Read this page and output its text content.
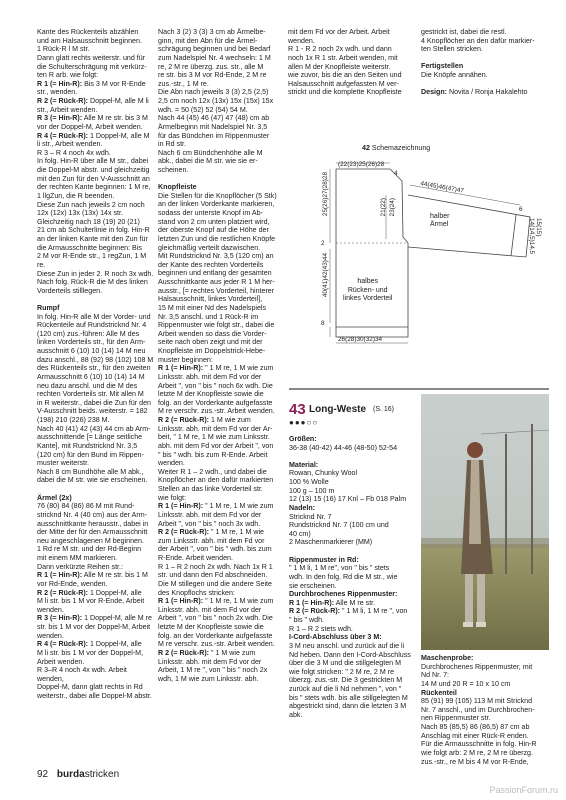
Kante des Rückenteils abzählen
und am Halsausschnitt beginnen.
1 Rück-R l M str.
Dann glatt rechts weiterstr. und für
die Schulterschrägung mit verkürz-
ten R arb. wie folgt:

R 1 (= Hin-R): Bis 3 M vor R-Ende
str., wenden.

R 2 (= Rück-R): Doppel-M, alle M li
str., Arbeit wenden.

R 3 (= Hin-R): Alle M re str. bis 3 M
vor der Doppel-M, Arbeit wenden.

R 4 (= Rück-R): 1 Doppel-M, alle M
li str., Arbeit wenden.

R 3 – R 4 noch 4x wdh.
In folg. Hin-R über alle M str., dabei
die Doppel-M abstr. und gleichzeitig
mit den Zun für den V-Ausschnitt an
der rechten Kante beginnen: 1 M re,
1 llgZun, die R beenden.
Diese Zun nach jeweils 2 cm noch
12x (12x) 13x (13x) 14x str.
Gleichzeitig nach 18 (19) 20 (21)
21 cm ab Schulterlinie in folg. Hin-R
an der linken Kante mit den Zun für
die Armausschnitte beginnen: Bis
2 M vor R-Ende str., 1 regZun, 1 M
re.
Diese Zun in jeder 2. R noch 3x wdh.
Nach folg. Rück-R die M des linken
Vorderteils stilllegen.

Rumpf

In folg. Hin-R alle M der Vorder- und
Rückenteile auf Rundstricknd Nr. 4
(120 cm) zus.-führen: Alle M des
linken Vorderteils str., für den Arm-
ausschnitt 6 (10) 10 (14) 14 M neu
dazu anschl., 88 (92) 98 (102) 108 M
des Rückenteils str., für den zweiten
Armausschnitt 6 (10) 10 (14) 14 M
neu dazu anschl. und die M des
rechten Vorderteils str. Mit allen M
in R weiterstr., dabei die Zun für den
V-Ausschnitt beids. weiterstr. = 182
(198) 210 (226) 238 M.
Nach 40 (41) 42 (43) 44 cm ab Arm-
ausschnittende [= Länge seitliche
Kante], mit Rundstricknd Nr. 3,5
(120 cm) für den Bund im Rippen-
muster weiterstr.
Nach 8 cm Bundhöhe alle M abk.,
dabei die M str. wie sie erscheinen.

Ärmel (2x)

76 (80) 84 (86) 86 M mit Rund-
stricknd Nr. 4 (40 cm) aus der Arm-
ausschnittkante herausstr., dabei in
der Mitte der für den Armausschnitt
neu angeschlagenen M beginnen.
1 Rd re M str. und der Rd-Beginn
mit einem MM markieren.
Dann verkürzte Reihen str.:

R 1 (= Hin-R): Alle M re str. bis 1 M
vor Rd-Ende, wenden.

R 2 (= Rück-R): 1 Doppel-M, alle
M li str. bis 1 M vor R-Ende, Arbeit
wenden.

R 3 (= Hin-R): 1 Doppel-M, alle M re
str. bis 1 M vor der Doppel-M, Arbeit
wenden.

R 4 (= Rück-R): 1 Doppel-M, alle
M li str. bis 1 M vor der Doppel-M,
Arbeit wenden.

R 3–R 4 noch 4x wdh. Arbeit wenden,
Doppel-M, dann glatt rechts in Rd
weiterstr., dabei alle Doppel-M abstr.

Nach 3 (2) 3 (3) 3 cm ab Ärmelbe-
ginn, mit den Abn für die Ärmel-
schrägung beginnen und bei Bedarf
zum Nadelspiel Nr. 4 wechseln: 1 M
re, 2 M re überzg. zus. str., alle M
re str. bis 3 M vor Rd-Ende, 2 M re
zus.-str., 1 M re.
Die Abn nach jeweils 3 (3) 2,5 (2,5)
2,5 cm noch 12x (13x) 15x (15x) 15x
wdh. = 50 (52) 52 (54) 54 M.
Nach 44 (45) 46 (47) 47 (48) cm ab
Ärmelbeginn mit Nadelspiel Nr. 3,5
für das Bündchen im Rippenmuster
in Rd str.
Nach 6 cm Bündchenhöhe alle M
abk., dabei die M str. wie sie er-
scheinen.

Knopfleiste

Die Stellen für die Knopflöcher (5 Stk)
an der linken Vorderkante markieren,
sodass der unterste Knopf im Ab-
stand von 2 cm unten platziert wird,
der oberste Knopf auf die Höhe der
letzten Zun und die restlichen Knöpfe
gleichmäßig verteilt dazwischen.
Mit Rundstricknd Nr. 3,5 (120 cm) an
der Kante des rechten Vorderteils
beginnen und entlang der gesamten
Ausschnittkante aus jeder R 1 M her-
ausstr., [= rechtes Vorderteil, hinterer
Halsausschnitt, linkes Vorderteil],
15 M mit einer Nd des Nadelspiels
Nr. 3,5 anschl. und 1 Rück-R im
Rippenmuster wie folgt str., dabei die
Arbeit wenden so dass die Vorder-
seite nach oben zeigt und mit der
Knopfleiste im Doppelstrick-Hebe-
muster beginnen:

R 1 (= Hin-R): " 1 M re, 1 M wie zum
Linksstr. abh. mit dem Fd vor der
Arbeit ", von " bis " noch 6x wdh. Die
letzte M der Knopfleiste sowie die
folg. an der Vorderkante aufgefasste
M re verschr. zus.-str. Arbeit wenden.

R 2 (= Rück-R): 1 M wie zum
Linksstr. abh. mit dem Fd vor der Ar-
beit, " 1 M re, 1 M wie zum Linksstr.
abh. mit dem Fd vor der Arbeit ", von
" bis " wdh. bis zum R-Ende. Arbeit
wenden.

Weiter R 1 – 2 wdh., und dabei die
Knopflöcher an den dafür markierten
Stellen an das linke Vorderteil str.
wie folgt:

R 1 (= Hin-R): " 1 M re, 1 M wie zum
Linksstr. abh. mit dem Fd vor der
Arbeit ", von " bis " noch 3x wdh.

R 2 (= Rück-R): " 1 M re, 1 M wie
zum Linksstr. abh. mit dem Fd vor
der Arbeit ", von " bis " wdh. bis zum
R-Ende. Arbeit wenden.

R 1 – R 2 noch 2x wdh. Nach 1x R 1
str. und dann den Fd abschneiden.
Die M stillegen und die andere Seite
des Knopflochs stricken:

R 1 (= Hin-R): " 1 M re, 1 M wie zum
Linksstr. abh. mit dem Fd vor der
Arbeit ", von " bis " noch 2x wdh. Die
letzte M der Knopfleiste sowie die
folg. an der Vorderkante aufgefasste
M re verschr. zus.-str. Arbeit wenden.

R 2 (= Rück-R): " 1 M wie zum
Linksstr. abh. mit dem Fd vor der
Arbeit, 1 M re ", von " bis " noch 2x
wdh, 1 M wie zum Linksstr. abh.

mit dem Fd vor der Arbeit. Arbeit
wenden.
R 1 - R 2 noch 2x wdh. und dann
noch 1x R 1 str. Arbeit wenden, mit
allen M der Knopfleiste weiterstr.
wie zuvor, bis die an den Seiten und
Halsausschnitt aufgefassten M ver-
strickt und die komplette Knopfleiste

gestrickt ist, dabei die restl.
4 Knopflöcher an den dafür markier-
ten Stellen stricken.

Fertigstellen

Die Knöpfe annähen.

Design: Novita / Ronja Hakalehto

42 Schemazeichnung
(22(23)25(26)28
4
25(26)27(28)28
2
21(22) 23(24)
40(41)42(43)44
8
26(28)30(32)34
44(45)46(47)47
6
14(14,5)14,5
15(15)
halber
Ärmel
halbes
Rücken- und
linkes Vorderteil
43 Long-Weste (S. 16)
●●●○○

Größen:

36-38 (40-42) 44-46 (48-50) 52-54

Material:

Rowan, Chunky Wool
100 % Wolle
100 g – 100 m
12 (13) 15 (16) 17 Knl – Fb 018 Palm

Nadeln:

Stricknd Nr. 7
Rundstricknd Nr. 7 (100 cm und
40 cm)
2 Maschenmarkierer (MM)

Rippenmuster in Rd:

" 1 M li, 1 M re", von " bis " stets
wdh. In den folg. Rd die M str., wie
sie erscheinen.

Durchbrochenes Rippenmuster:

R 1 (= Hin-R): Alle M re str.

R 2 (= Rück-R): " 1 M li, 1 M re ", von
" bis " wdh.

R 1 – R 2 stets wdh.

I-Cord-Abschluss über 3 M:

3 M neu anschl. und zurück auf die li
Nd heben. Dann den I-Cord-Abschluss
über die 3 M und die stillgelegten M
wie folgt stricken: " 2 M re, 2 M re
überzg. zus.-str. Die 3 gestrickten M
zurück auf die li Nd nehmen ", von "
bis " stets wdh. bis alle stillgelegten M
abgestrickt sind, dann die letzten 3 M
abk.

Maschenprobe:

Durchbrochenes Rippenmuster, mit
Nd Nr. 7:
14 M und 20 R = 10 x 10 cm

Rückenteil

85 (91) 99 (105) 113 M mit Stricknd
Nr. 7 anschl., und im Durchbrochen-
nen Rippenmuster str.
Nach 85 (85,5) 86 (86,5) 87 cm ab
Anschlag mit einer Rück-R enden.
Für die Armausschnitte in folg. Hin-R
wie folgt arb: 2 M re, 2 M re überzg.
zus.-str., re M bis 4 M vor R-Ende,

92 burdastricken
PassionForum.ru
